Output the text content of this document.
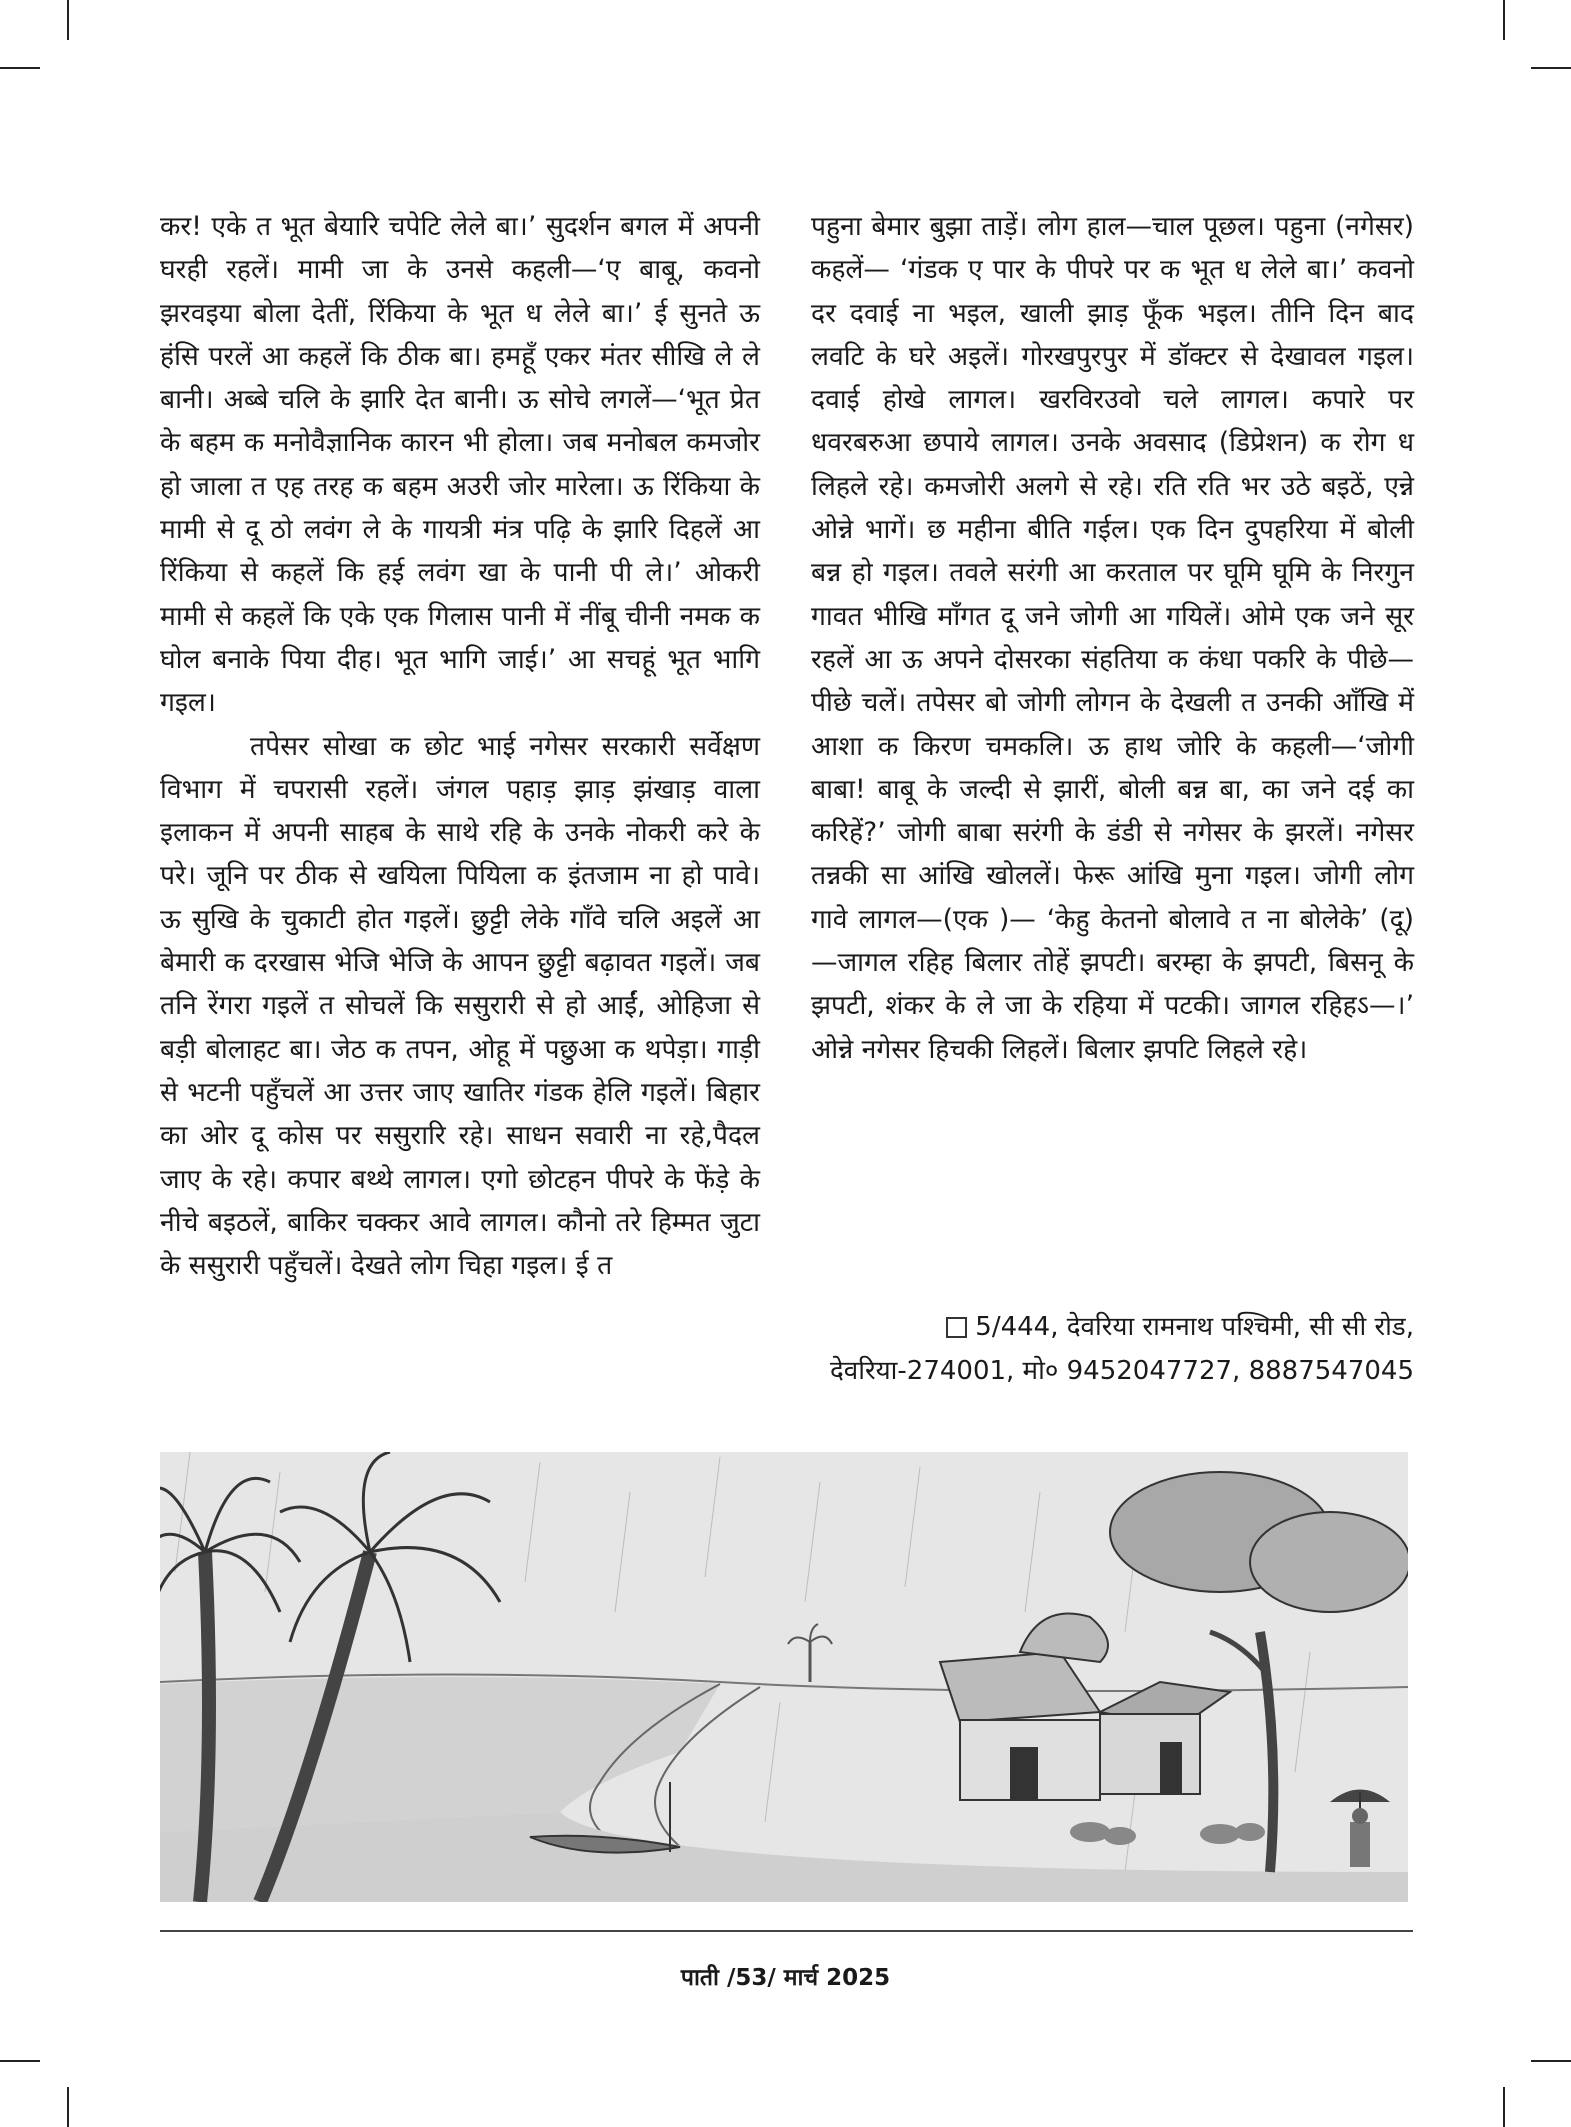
कर! एके त भूत बेयारि चपेटि लेले बा।’ सुदर्शन बगल में अपनी घरही रहलें। मामी जा के उनसे कहली—‘ए बाबू, कवनो झरवइया बोला देतीं, रिंकिया के भूत ध लेले बा।’ ई सुनते ऊ हंसि परलें आ कहलें कि ठीक बा। हमहूँ एकर मंतर सीखि ले ले बानी। अब्बे चलि के झारि देत बानी। ऊ सोचे लगलें—‘भूत प्रेत के बहम क मनोवैज्ञानिक कारन भी होला। जब मनोबल कमजोर हो जाला त एह तरह क बहम अउरी जोर मारेला। ऊ रिंकिया के मामी से दू ठो लवंग ले के गायत्री मंत्र पढ़ि के झारि दिहलें आ रिंकिया से कहलें कि हई लवंग खा के पानी पी ले।’ ओकरी मामी से कहलें कि एके एक गिलास पानी में नींबू चीनी नमक क घोल बनाके पिया दीह। भूत भागि जाई।’ आ सचहूं भूत भागि गइल।

तपेसर सोखा क छोट भाई नगेसर सरकारी सर्वेक्षण विभाग में चपरासी रहलें। जंगल पहाड़ झाड़ झंखाड़ वाला इलाकन में अपनी साहब के साथे रहि के उनके नोकरी करे के परे। जूनि पर ठीक से खयिला पियिला क इंतजाम ना हो पावे। ऊ सुखि के चुकाटी होत गइलें। छुट्टी लेके गाँवे चलि अइलें आ बेमारी क दरखास भेजि भेजि के आपन छुट्टी बढ़ावत गइलें। जब तनि रेंगरा गइलें त सोचलें कि ससुरारी से हो आईं, ओहिजा से बड़ी बोलाहट बा। जेठ क तपन, ओहू में पछुआ क थपेड़ा। गाड़ी से भटनी पहुँचलें आ उत्तर जाए खातिर गंडक हेलि गइलें। बिहार का ओर दू कोस पर ससुरारि रहे। साधन सवारी ना रहे,पैदल जाए के रहे। कपार बथ्थे लागल। एगो छोटहन पीपरे के फेंड़े के नीचे बइठलें, बाकिर चक्कर आवे लागल। कौनो तरे हिम्मत जुटा के ससुरारी पहुँचलें। देखते लोग चिहा गइल। ई त

पहुना बेमार बुझा ताड़ें। लोग हाल—चाल पूछल। पहुना (नगेसर) कहलें— ‘गंडक ए पार के पीपरे पर क भूत ध लेले बा।’ कवनो दर दवाई ना भइल, खाली झाड़ फूँक भइल। तीनि दिन बाद लवटि के घरे अइलें। गोरखपुरपुर में डॉक्टर से देखावल गइल। दवाई होखे लागल। खरविरउवो चले लागल। कपारे पर धवरबरुआ छपाये लागल। उनके अवसाद (डिप्रेशन) क रोग ध लिहले रहे। कमजोरी अलगे से रहे। रति रति भर उठे बइठें, एन्ने ओन्ने भागें। छ महीना बीति गईल। एक दिन दुपहरिया में बोली बन्न हो गइल। तवले सरंगी आ करताल पर घूमि घूमि के निरगुन गावत भीखि माँगत दू जने जोगी आ गयिलें। ओमे एक जने सूर रहलें आ ऊ अपने दोसरका संहतिया क कंधा पकरि के पीछे—पीछे चलें। तपेसर बो जोगी लोगन के देखली त उनकी आँखि में आशा क किरण चमकलि। ऊ हाथ जोरि के कहली—‘जोगी बाबा! बाबू के जल्दी से झारीं, बोली बन्न बा, का जने दई का करिहें?’ जोगी बाबा सरंगी के डंडी से नगेसर के झरलें। नगेसर तन्नकी सा आंखि खोललें। फेरू आंखि मुना गइल। जोगी लोग गावे लागल—(एक )— ‘केहु केतनो बोलावे त ना बोलेके’ (दू)—जागल रहिह बिलार तोहें झपटी। बरम्हा के झपटी, बिसनू के झपटी, शंकर के ले जा के रहिया में पटकी। जागल रहिहऽ—।’ ओन्ने नगेसर हिचकी लिहलें। बिलार झपटि लिहले रहे।

5/444, देवरिया रामनाथ पश्चिमी, सी सी रोड,
देवरिया-274001, मो० 9452047727, 8887547045
पाती /53/ मार्च 2025
